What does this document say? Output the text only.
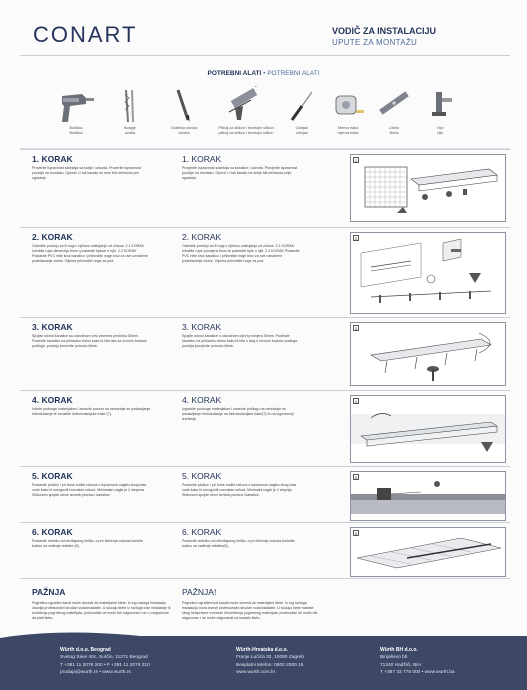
CONART	VODIČ ZA INSTALACIJU
UPUTE ZA MONTAŽU
POTREBNI ALATI • POTREBNI ALATI
Bušilica
Bušilica
Burgije
svrdla
Graficka olovka
olovka
Pištolj za silikon i bezbojni silikon
pištolj za silikon i bezbojni silikon
Odvijač
odvijač
Merna traka
mjerna traka
Libela
libela
Vijci
vijci
1. KORAK	1. KORAK
Proverite ispravnost sadržaja sa kutije i odvoda. Proverite ispravnost pozicije za montažu. Oprezi! U tuš kanalu ne sme biti nečistoća pre ugradnje.
Provjerite ispravnost sadržaja sa kanalice i odvoda. Provjerite ispravnost pozicije za montažu. Oprez! U tuš kanalu ne smije biti nečistoća prije ugradnje.
1
2. KORAK	2. KORAK
Odredite poziciju za 8 nogu i njihovo odstojanje od zidova. 2.1 KORAK Izbušite rupe dimenzija 6mm i postavite tiplove u njih. 2.2 KORAK Postavite PVC nitle kroz kanalicu i pričvrstite noge kroz za ove označene podešavanje visine. Vijcima pričvrstite noge za pod.
Odredite poziciju za 8 nogu i njihovo odstojanje od zidova. 2.1 KORAK Izbušite rupe promjera 6mm te postavite tiple u njih. 2.2 KORAK Postavite PVC nitle kroz kanalicu i pričvrstite noge kroz za ove označene podešavanje visine. Vijcima pričvrstite noge za pod.
2
3. KORAK	3. KORAK
Spojite odvod kanalice sa odvodnom cevi promera prečnika 50mm. Podesite kanalicu na prikladnu visinu kako bi bila ista sa nivoom buduće podloge, pozicija proverite pomoću libele.
Spojite odvod kanalice s odvodnom cijevi promjera 50mm. Podesite kanalicu na prikladnu visinu kako bi bila u istoj s nivoom buduće podloge, pozicija provjerite pomoću libele.
3
4. KORAK	4. KORAK
Izlivite podnoge materijalom i zdravite poseru na nedostaje se postavljanje hidroizolacije te označite hidroizolacijske trake (7).
Izgradite podnoge materijalom i zdravite podlogu na nedostaje se postavljanje hidroizolacije na hidroizolacijske trake(7) te na izgovorenji izvršenju.
4
5. KORAK	5. KORAK
Postavite pločice i pri tome vodite računa o ispravnom nagibu zbog toka vode kako bi omogućili normalan odvod. Minimalan nagib je 2 stepena. Silikonom spojite oteće između pločica i kanalice.
Postavite pločice i pri tome vodite računa o ispravnom nagibu zbog toka vode kako bi omogućili normalan odvod. Minimalni nagib je 2 stupnja. Silikonom spojite otvor između pločica i kanalice.
5
6. KORAK	6. KORAK
Postavite rešetku od nerđajućeg čelika, a pre čišćenja odvoda korisite kukicu za vađenje rešetke (8).
Postavite rešetku od nehrđajućeg čelika, a pri čišćenju odvoda koristite kukicu za vađenje rešetke(8).
6
PAŽNJA	PAŽNJA!
Pogrešno ugrađen kanal može dovesti do materijalne štete. Iz tog razloga instalaciju obavlja profesionalni stručan vodoinstalater. U slučaju štete iz razloga loše instalacije ili korištenja pogrešnog materijala, proizvođač ne može biti odgovoran i ne u mogućnosti da plati štetu.
Pogrešno ugrađeni tuš kanali može dovesti do materijalne štete. Iz tog razloga instalaciju mora izvesti profesionalni stručan vodoinstalater. U slučaju štete nastale zbog neispravne montaže ili korištenja pogrešnog materijala, proizvođač ne može biti odgovoran i ne može odgovarati za nastalu štetu.
Würth d.o.o. Beograd
Svetog Save 40c, Surčin, 11271 Beograd
T +381 11 2078 200 • F +381 11 2078 210
prodaja@wurth.rs • www.wurth.rs
Würth-Hrvatska d.o.o.
Franje Lučića 32, 10090 Zagreb
Besplatni telefon: 0800 2000 15
www.wurth.com.hr
Würth BH d.o.o.
Binjaševo bb
71240 Hadžići, BiH
T +387 33 775 000 • www.wurth.ba
